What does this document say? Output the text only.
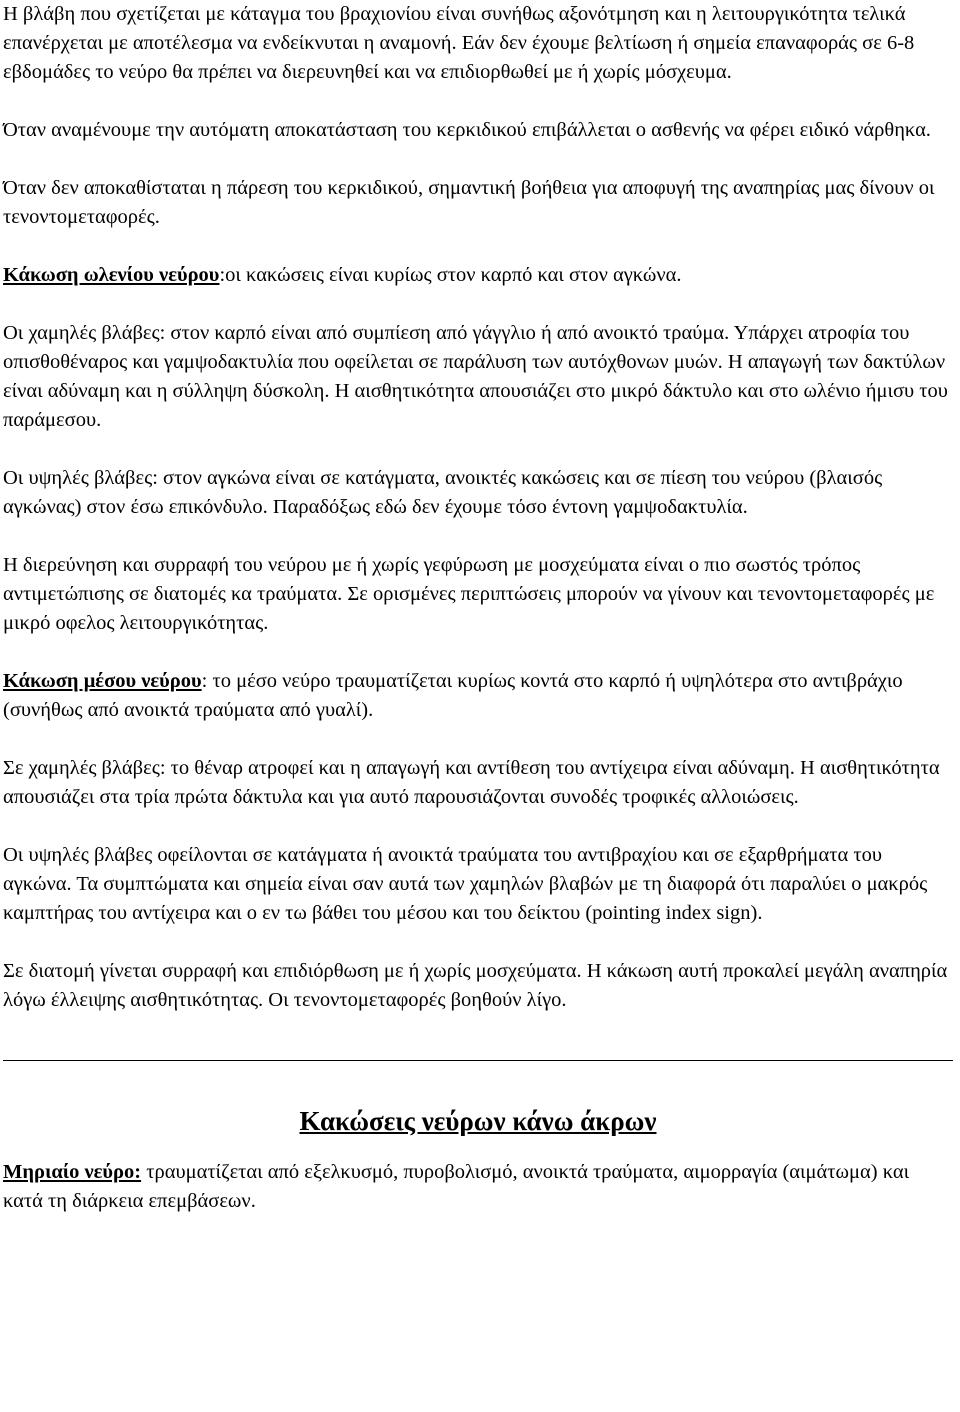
Η βλάβη που σχετίζεται με κάταγμα του βραχιονίου είναι συνήθως αξονότμηση και η λειτουργικότητα τελικά επανέρχεται με αποτέλεσμα να ενδείκνυται η αναμονή. Εάν δεν έχουμε βελτίωση ή σημεία επαναφοράς σε 6-8 εβδομάδες το νεύρο θα πρέπει να διερευνηθεί και να επιδιορθωθεί με ή χωρίς μόσχευμα.

Όταν αναμένουμε την αυτόματη αποκατάσταση του κερκιδικού επιβάλλεται ο ασθενής να φέρει ειδικό νάρθηκα.

Όταν δεν αποκαθίσταται η πάρεση του κερκιδικού, σημαντική βοήθεια για αποφυγή της αναπηρίας μας δίνουν οι τενοντομεταφορές.

Κάκωση ωλενίου νεύρου:οι κακώσεις είναι κυρίως στον καρπό και στον αγκώνα.

Οι χαμηλές βλάβες: στον καρπό είναι από συμπίεση από γάγγλιο ή από ανοικτό τραύμα. Υπάρχει ατροφία του οπισθοθέναρος και γαμψοδακτυλία που οφείλεται σε παράλυση των αυτόχθονων μυών. Η απαγωγή των δακτύλων είναι αδύναμη και η σύλληψη δύσκολη. Η αισθητικότητα απουσιάζει στο μικρό δάκτυλο και στο ωλένιο ήμισυ του παράμεσου.

Οι υψηλές βλάβες: στον αγκώνα είναι σε κατάγματα, ανοικτές κακώσεις και σε πίεση του νεύρου (βλαισός αγκώνας) στον έσω επικόνδυλο. Παραδόξως εδώ δεν έχουμε τόσο έντονη γαμψοδακτυλία.

Η διερεύνηση και συρραφή του νεύρου με ή χωρίς γεφύρωση με μοσχεύματα είναι ο πιο σωστός τρόπος αντιμετώπισης σε διατομές κα τραύματα. Σε ορισμένες περιπτώσεις μπορούν να γίνουν και τενοντομεταφορές με μικρό οφελος λειτουργικότητας.

Κάκωση μέσου νεύρου: το μέσο νεύρο τραυματίζεται κυρίως κοντά στο καρπό ή υψηλότερα στο αντιβράχιο (συνήθως από ανοικτά τραύματα από γυαλί).

Σε χαμηλές βλάβες: το θέναρ ατροφεί και η απαγωγή και αντίθεση του αντίχειρα είναι αδύναμη. Η αισθητικότητα απουσιάζει στα τρία πρώτα δάκτυλα και για αυτό παρουσιάζονται συνοδές τροφικές αλλοιώσεις.

Οι υψηλές βλάβες οφείλονται σε κατάγματα ή ανοικτά τραύματα του αντιβραχίου και σε εξαρθρήματα του αγκώνα. Τα συμπτώματα και σημεία είναι σαν αυτά των χαμηλών βλαβών με τη διαφορά ότι παραλύει ο μακρός καμπτήρας του αντίχειρα και ο εν τω βάθει του μέσου και του δείκτου (pointing index sign).

Σε διατομή γίνεται συρραφή και επιδιόρθωση με ή χωρίς μοσχεύματα. Η κάκωση αυτή προκαλεί μεγάλη αναπηρία λόγω έλλειψης αισθητικότητας. Οι τενοντομεταφορές βοηθούν λίγο.

Κακώσεις νεύρων κάνω άκρων

Μηριαίο νεύρο: τραυματίζεται από εξελκυσμό, πυροβολισμό, ανοικτά τραύματα, αιμορραγία (αιμάτωμα) και κατά τη διάρκεια επεμβάσεων.
